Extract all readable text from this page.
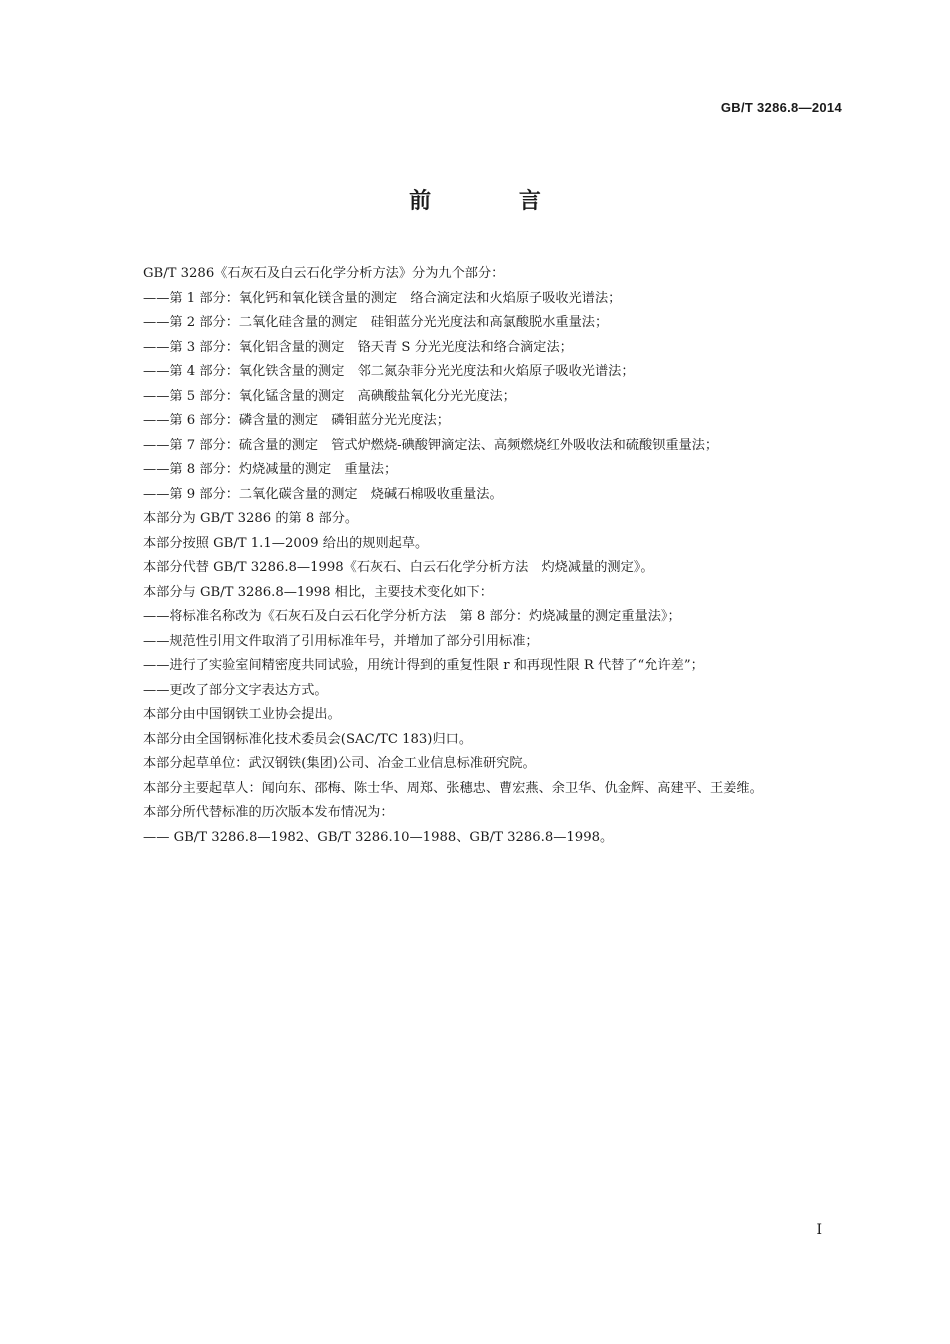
GB/T 3286.8—2014
前 言
GB/T 3286《石灰石及白云石化学分析方法》分为九个部分：
——第 1 部分：氧化钙和氧化镁含量的测定　络合滴定法和火焰原子吸收光谱法；
——第 2 部分：二氧化硅含量的测定　硅钼蓝分光光度法和高氯酸脱水重量法；
——第 3 部分：氧化铝含量的测定　铬天青 S 分光光度法和络合滴定法；
——第 4 部分：氧化铁含量的测定　邻二氮杂菲分光光度法和火焰原子吸收光谱法；
——第 5 部分：氧化锰含量的测定　高碘酸盐氧化分光光度法；
——第 6 部分：磷含量的测定　磷钼蓝分光光度法；
——第 7 部分：硫含量的测定　管式炉燃烧-碘酸钾滴定法、高频燃烧红外吸收法和硫酸钡重量法；
——第 8 部分：灼烧减量的测定　重量法；
——第 9 部分：二氧化碳含量的测定　烧碱石棉吸收重量法。
本部分为 GB/T 3286 的第 8 部分。
本部分按照 GB/T 1.1—2009 给出的规则起草。
本部分代替 GB/T 3286.8—1998《石灰石、白云石化学分析方法　灼烧减量的测定》。
本部分与 GB/T 3286.8—1998 相比，主要技术变化如下：
——将标准名称改为《石灰石及白云石化学分析方法　第 8 部分：灼烧减量的测定重量法》；
——规范性引用文件取消了引用标准年号，并增加了部分引用标准；
——进行了实验室间精密度共同试验，用统计得到的重复性限 r 和再现性限 R 代替了“允许差”；
——更改了部分文字表达方式。
本部分由中国钢铁工业协会提出。
本部分由全国钢标准化技术委员会(SAC/TC 183)归口。
本部分起草单位：武汉钢铁(集团)公司、冶金工业信息标准研究院。
本部分主要起草人：闻向东、邵梅、陈士华、周郑、张穗忠、曹宏燕、余卫华、仇金辉、高建平、王姜维。
本部分所代替标准的历次版本发布情况为：
—— GB/T 3286.8—1982、GB/T 3286.10—1988、GB/T 3286.8—1998。
I
